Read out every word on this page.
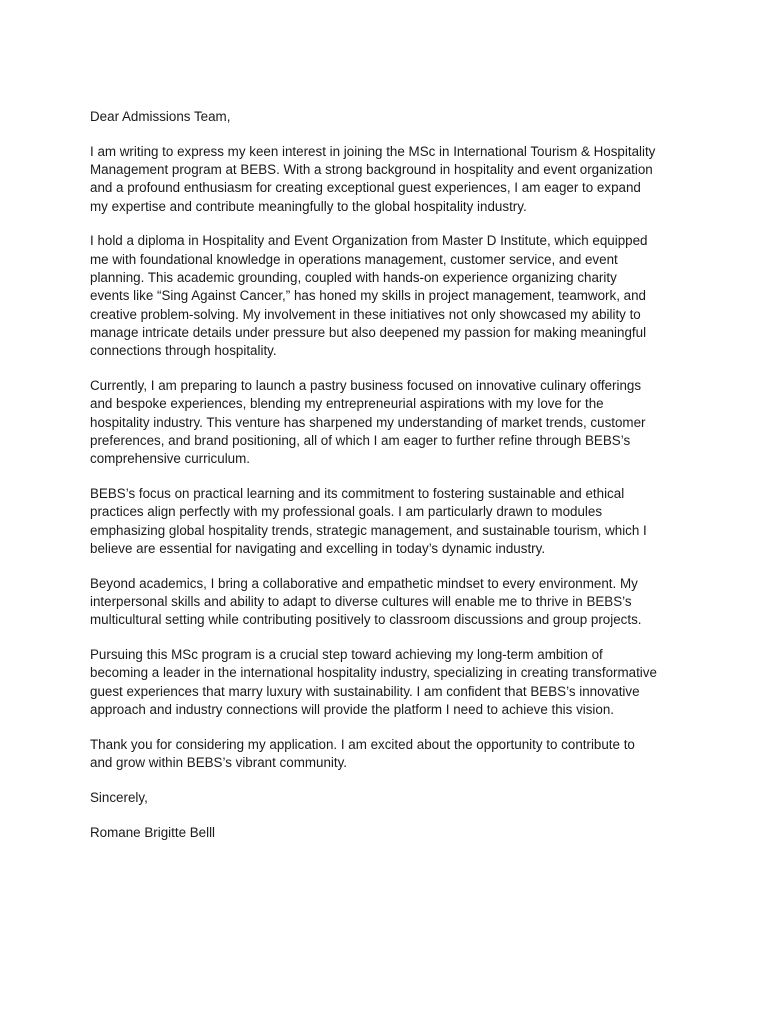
Dear Admissions Team,

I am writing to express my keen interest in joining the MSc in International Tourism & Hospitality
Management program at BEBS. With a strong background in hospitality and event organization
and a profound enthusiasm for creating exceptional guest experiences, I am eager to expand
my expertise and contribute meaningfully to the global hospitality industry.

I hold a diploma in Hospitality and Event Organization from Master D Institute, which equipped
me with foundational knowledge in operations management, customer service, and event
planning. This academic grounding, coupled with hands-on experience organizing charity
events like “Sing Against Cancer,” has honed my skills in project management, teamwork, and
creative problem-solving. My involvement in these initiatives not only showcased my ability to
manage intricate details under pressure but also deepened my passion for making meaningful
connections through hospitality.

Currently, I am preparing to launch a pastry business focused on innovative culinary offerings
and bespoke experiences, blending my entrepreneurial aspirations with my love for the
hospitality industry. This venture has sharpened my understanding of market trends, customer
preferences, and brand positioning, all of which I am eager to further refine through BEBS’s
comprehensive curriculum.

BEBS’s focus on practical learning and its commitment to fostering sustainable and ethical
practices align perfectly with my professional goals. I am particularly drawn to modules
emphasizing global hospitality trends, strategic management, and sustainable tourism, which I
believe are essential for navigating and excelling in today’s dynamic industry.

Beyond academics, I bring a collaborative and empathetic mindset to every environment. My
interpersonal skills and ability to adapt to diverse cultures will enable me to thrive in BEBS’s
multicultural setting while contributing positively to classroom discussions and group projects.

Pursuing this MSc program is a crucial step toward achieving my long-term ambition of
becoming a leader in the international hospitality industry, specializing in creating transformative
guest experiences that marry luxury with sustainability. I am confident that BEBS’s innovative
approach and industry connections will provide the platform I need to achieve this vision.

Thank you for considering my application. I am excited about the opportunity to contribute to
and grow within BEBS’s vibrant community.

Sincerely,

Romane Brigitte Belll
